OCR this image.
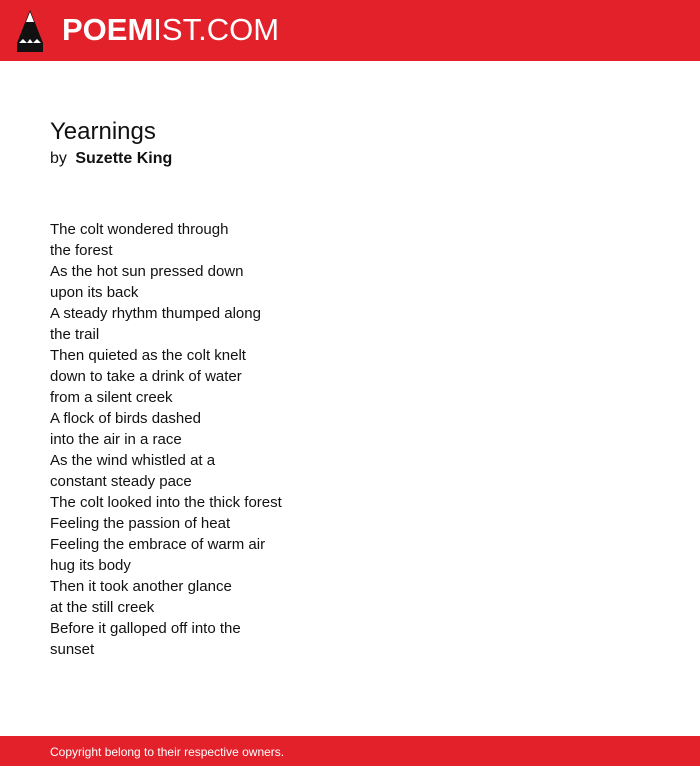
POEMIST.COM
Yearnings
by Suzette King
The colt wondered through
the forest
As the hot sun pressed down
upon its back
A steady rhythm thumped along
the trail
Then quieted as the colt knelt
down to take a drink of water
from a silent creek
A flock of birds dashed
into the air in a race
As the wind whistled at a
constant steady pace
The colt looked into the thick forest
Feeling the passion of heat
Feeling the embrace of warm air
hug its body
Then it took another glance
at the still creek
Before it galloped off into the
sunset
Copyright belong to their respective owners.
